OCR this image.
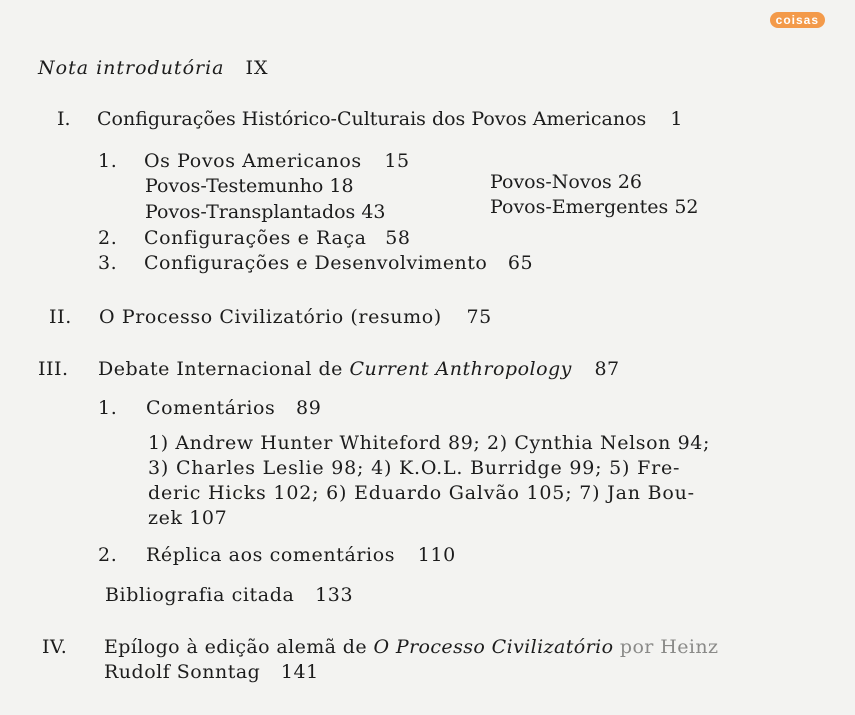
coisas
Nota introdutória IX
I. Configurações Histórico-Culturais dos Povos Americanos 1
1. Os Povos Americanos 15
Povos-Testemunho 18	Povos-Novos 26
Povos-Transplantados 43	Povos-Emergentes 52
2. Configurações e Raça 58
3. Configurações e Desenvolvimento 65
II. O Processo Civilizatório (resumo) 75
III. Debate Internacional de Current Anthropology 87
1. Comentários 89
1) Andrew Hunter Whiteford 89; 2) Cynthia Nelson 94;
3) Charles Leslie 98; 4) K.O.L. Burridge 99; 5) Fre-
deric Hicks 102; 6) Eduardo Galvão 105; 7) Jan Bou-
zek 107
2. Réplica aos comentários 110
Bibliografia citada 133
IV. Epílogo à edição alemã de O Processo Civilizatório por Heinz
Rudolf Sonntag 141
